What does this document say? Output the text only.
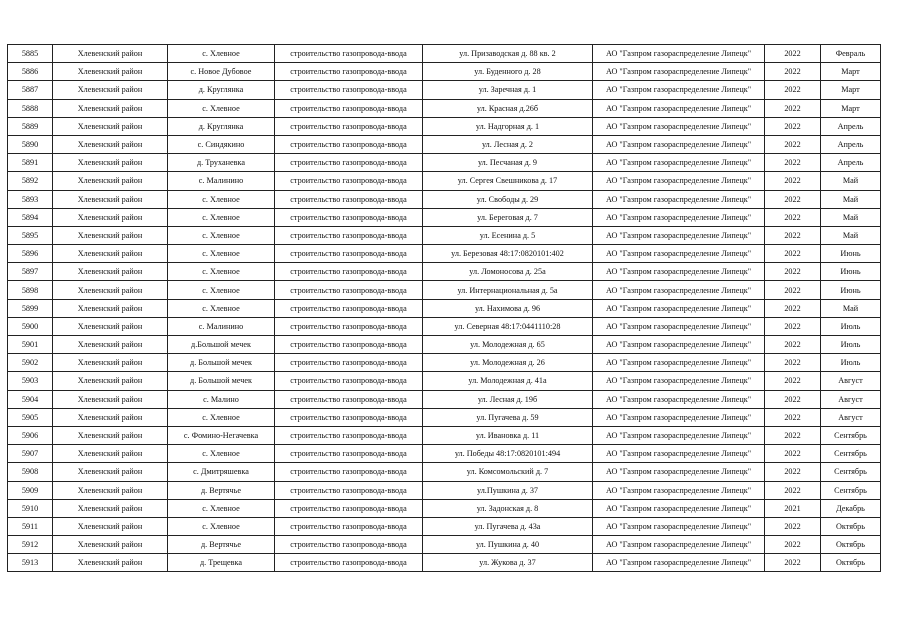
5885	Хлевенский район	с. Хлевное	строительство газопровода-ввода	ул. Призаводская д. 88 кв. 2	АО "Газпром газораспределение Липецк"	2022	Февраль
5886	Хлевенский район	с. Новое Дубовое	строительство газопровода-ввода	ул. Буденного д. 28	АО "Газпром газораспределение Липецк"	2022	Март
5887	Хлевенский район	д. Круглянка	строительство газопровода-ввода	ул. Заречная д. 1	АО "Газпром газораспределение Липецк"	2022	Март
5888	Хлевенский район	с. Хлевное	строительство газопровода-ввода	ул. Красная д.26б	АО "Газпром газораспределение Липецк"	2022	Март
5889	Хлевенский район	д. Круглянка	строительство газопровода-ввода	ул. Надгорная д. 1	АО "Газпром газораспределение Липецк"	2022	Апрель
5890	Хлевенский район	с. Синдякино	строительство газопровода-ввода	ул. Лесная д. 2	АО "Газпром газораспределение Липецк"	2022	Апрель
5891	Хлевенский район	д. Труханевка	строительство газопровода-ввода	ул. Песчаная д. 9	АО "Газпром газораспределение Липецк"	2022	Апрель
5892	Хлевенский район	с. Малинино	строительство газопровода-ввода	ул. Сергея Свешникова д. 17	АО "Газпром газораспределение Липецк"	2022	Май
5893	Хлевенский район	с. Хлевное	строительство газопровода-ввода	ул. Свободы д. 29	АО "Газпром газораспределение Липецк"	2022	Май
5894	Хлевенский район	с. Хлевное	строительство газопровода-ввода	ул. Береговая д. 7	АО "Газпром газораспределение Липецк"	2022	Май
5895	Хлевенский район	с. Хлевное	строительство газопровода-ввода	ул. Есенина д. 5	АО "Газпром газораспределение Липецк"	2022	Май
5896	Хлевенский район	с. Хлевное	строительство газопровода-ввода	ул. Березовая 48:17:0820101:402	АО "Газпром газораспределение Липецк"	2022	Июнь
5897	Хлевенский район	с. Хлевное	строительство газопровода-ввода	ул. Ломоносова д. 25а	АО "Газпром газораспределение Липецк"	2022	Июнь
5898	Хлевенский район	с. Хлевное	строительство газопровода-ввода	ул. Интернациональная д. 5а	АО "Газпром газораспределение Липецк"	2022	Июнь
5899	Хлевенский район	с. Хлевное	строительство газопровода-ввода	ул. Нахимова д. 96	АО "Газпром газораспределение Липецк"	2022	Май
5900	Хлевенский район	с. Малинино	строительство газопровода-ввода	ул. Северная 48:17:0441110:28	АО "Газпром газораспределение Липецк"	2022	Июль
5901	Хлевенский район	д.Большой мечек	строительство газопровода-ввода	ул. Молодежная д. 65	АО "Газпром газораспределение Липецк"	2022	Июль
5902	Хлевенский район	д. Большой мечек	строительство газопровода-ввода	ул. Молодежная д. 26	АО "Газпром газораспределение Липецк"	2022	Июль
5903	Хлевенский район	д. Большой мечек	строительство газопровода-ввода	ул. Молодежная д. 41а	АО "Газпром газораспределение Липецк"	2022	Август
5904	Хлевенский район	с. Малино	строительство газопровода-ввода	ул. Лесная д. 19б	АО "Газпром газораспределение Липецк"	2022	Август
5905	Хлевенский район	с. Хлевное	строительство газопровода-ввода	ул. Пугачева д. 59	АО "Газпром газораспределение Липецк"	2022	Август
5906	Хлевенский район	с. Фомино-Негачевка	строительство газопровода-ввода	ул. Ивановка д. 11	АО "Газпром газораспределение Липецк"	2022	Сентябрь
5907	Хлевенский район	с. Хлевное	строительство газопровода-ввода	ул. Победы 48:17:0820101:494	АО "Газпром газораспределение Липецк"	2022	Сентябрь
5908	Хлевенский район	с. Дмитряшевка	строительство газопровода-ввода	ул. Комсомольский д. 7	АО "Газпром газораспределение Липецк"	2022	Сентябрь
5909	Хлевенский район	д. Вертячье	строительство газопровода-ввода	ул.Пушкина д. 37	АО "Газпром газораспределение Липецк"	2022	Сентябрь
5910	Хлевенский район	с. Хлевное	строительство газопровода-ввода	ул. Задонская д. 8	АО "Газпром газораспределение Липецк"	2021	Декабрь
5911	Хлевенский район	с. Хлевное	строительство газопровода-ввода	ул. Пугачева д. 43а	АО "Газпром газораспределение Липецк"	2022	Октябрь
5912	Хлевенский район	д. Вертячье	строительство газопровода-ввода	ул. Пушкина д. 40	АО "Газпром газораспределение Липецк"	2022	Октябрь
5913	Хлевенский район	д. Трещевка	строительство газопровода-ввода	ул. Жукова д. 37	АО "Газпром газораспределение Липецк"	2022	Октябрь
